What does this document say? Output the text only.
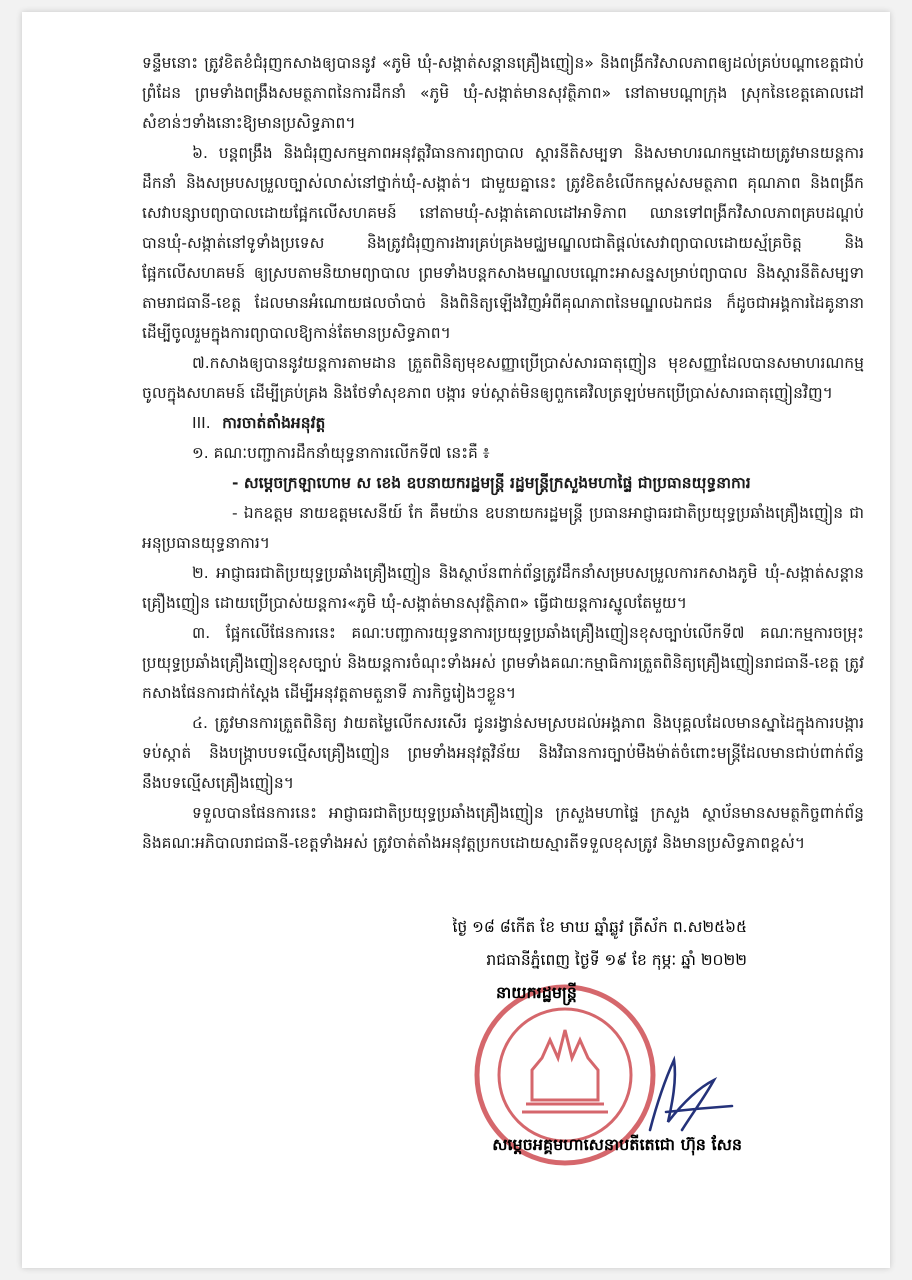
ទន្ទឹមនោះ ត្រូវខិតខំជំរុញកសាងឲ្យបាននូវ «ភូមិ ឃុំ-សង្កាត់សន្តានគ្រឿងញៀន» និងពង្រីកវិសាលភាពឲ្យដល់គ្រប់បណ្ដាខេត្តជាប់ព្រំដែន ព្រមទាំងពង្រឹងសមត្ថភាពនៃការដឹកនាំ «ភូមិ ឃុំ-សង្កាត់មានសុវត្ថិភាព» នៅតាមបណ្ដាក្រុង ស្រុកនៃខេត្តគោលដៅសំខាន់ៗទាំងនោះឱ្យមានប្រសិទ្ធភាព។

៦. បន្តពង្រឹង និងជំរុញសកម្មភាពអនុវត្តវិធានការព្យាបាល ស្តារនីតិសម្បទា និងសមាហរណកម្មដោយត្រូវមានយន្តការដឹកនាំ និងសម្របសម្រួលច្បាស់លាស់នៅថ្នាក់ឃុំ-សង្កាត់។ ជាមួយគ្នានេះ ត្រូវខិតខំលើកកម្ពស់សមត្ថភាព គុណភាព និងពង្រីកសេវាបន្សាបព្យាបាលដោយផ្អែកលើសហគមន៍ នៅតាមឃុំ-សង្កាត់គោលដៅអាទិភាព ឈានទៅពង្រីកវិសាលភាពគ្របដណ្ដប់បានឃុំ-សង្កាត់នៅទូទាំងប្រទេស និងត្រូវជំរុញការងារគ្រប់គ្រងមជ្ឈមណ្ឌលជាតិផ្តល់សេវាព្យាបាលដោយស្ម័គ្រចិត្ត និងផ្អែកលើសហគមន៍ ឲ្យស្របតាមនិយាមព្យាបាល ព្រមទាំងបន្តកសាងមណ្ឌលបណ្ដោះអាសន្នសម្រាប់ព្យាបាល និងស្តារនីតិសម្បទា តាមរាជធានី-ខេត្ត ដែលមានអំណោយផលចាំបាច់ និងពិនិត្យឡើងវិញអំពីគុណភាពនៃមណ្ឌលឯកជន ក៏ដូចជាអង្គការដៃគូនានា ដើម្បីចូលរួមក្នុងការព្យាបាលឱ្យកាន់តែមានប្រសិទ្ធភាព។

៧.កសាងឲ្យបាននូវយន្តការតាមដាន ត្រួតពិនិត្យមុខសញ្ញាប្រើប្រាស់សារធាតុញៀន មុខសញ្ញាដែលបានសមាហរណកម្មចូលក្នុងសហគមន៍ ដើម្បីគ្រប់គ្រង និងថែទាំសុខភាព បង្ការ ទប់ស្កាត់មិនឲ្យពួកគេវិលត្រឡប់មកប្រើប្រាស់សារធាតុញៀនវិញ។

III. ការចាត់តាំងអនុវត្ត

១. គណៈបញ្ជាការដឹកនាំយុទ្ធនាការលើកទី៧ នេះគឺ ៖

- សម្ដេចក្រឡាហោម ស ខេង ឧបនាយករដ្ឋមន្ត្រី រដ្ឋមន្ត្រីក្រសួងមហាផ្ទៃ ជាប្រធានយុទ្ធនាការ

- ឯកឧត្តម នាយឧត្តមសេនីយ៍ កែ គឹមយ៉ាន ឧបនាយករដ្ឋមន្ត្រី ប្រធានអាជ្ញាធរជាតិប្រយុទ្ធប្រឆាំងគ្រឿងញៀន ជាអនុប្រធានយុទ្ធនាការ។

២. អាជ្ញាធរជាតិប្រយុទ្ធប្រឆាំងគ្រឿងញៀន និងស្ថាប័នពាក់ព័ន្ធត្រូវដឹកនាំសម្របសម្រួលការកសាងភូមិ ឃុំ-សង្កាត់សន្តានគ្រឿងញៀន ដោយប្រើប្រាស់យន្តការ«ភូមិ ឃុំ-សង្កាត់មានសុវត្ថិភាព» ធ្វើជាយន្តការស្នូលតែមួយ។

៣. ផ្អែកលើផែនការនេះ គណៈបញ្ជាការយុទ្ធនាការប្រយុទ្ធប្រឆាំងគ្រឿងញៀនខុសច្បាប់លើកទី៧ គណៈកម្មការចម្រុះប្រយុទ្ធប្រឆាំងគ្រឿងញៀនខុសច្បាប់ និងយន្តការចំណុះទាំងអស់ ព្រមទាំងគណៈកម្មាធិការត្រួតពិនិត្យគ្រឿងញៀនរាជធានី-ខេត្ត ត្រូវកសាងផែនការជាក់ស្តែង ដើម្បីអនុវត្តតាមតួនាទី ភារកិច្ចរៀងៗខ្លួន។

៤. ត្រូវមានការត្រួតពិនិត្យ វាយតម្លៃលើកសរសើរ ជូនរង្វាន់សមស្របដល់អង្គភាព និងបុគ្គលដែលមានស្នាដៃក្នុងការបង្ការ ទប់ស្កាត់ និងបង្ក្រាបបទល្មើសគ្រឿងញៀន ព្រមទាំងអនុវត្តវិន័យ និងវិធានការច្បាប់មឺងម៉ាត់ចំពោះមន្ត្រីដែលមានជាប់ពាក់ព័ន្ធនឹងបទល្មើសគ្រឿងញៀន។

ទទួលបានផែនការនេះ អាជ្ញាធរជាតិប្រយុទ្ធប្រឆាំងគ្រឿងញៀន ក្រសួងមហាផ្ទៃ ក្រសួង ស្ថាប័នមានសមត្ថកិច្ចពាក់ព័ន្ធ និងគណៈអភិបាលរាជធានី-ខេត្តទាំងអស់ ត្រូវចាត់តាំងអនុវត្តប្រកបដោយស្មារតីទទួលខុសត្រូវ និងមានប្រសិទ្ធភាពខ្ពស់។

ថ្ងៃ ១៨ ៨កើត ខែ មាឃ ឆ្នាំឆ្លូវ ត្រីស័ក ព.ស២៥៦៥
រាជធានីភ្នំពេញ ថ្ងៃទី ១៩ ខែ កុម្ភៈ ឆ្នាំ ២០២២
នាយករដ្ឋមន្ត្រី
សម្ដេចអគ្គមហាសេនាបតីតេជោ ហ៊ុន សែន
